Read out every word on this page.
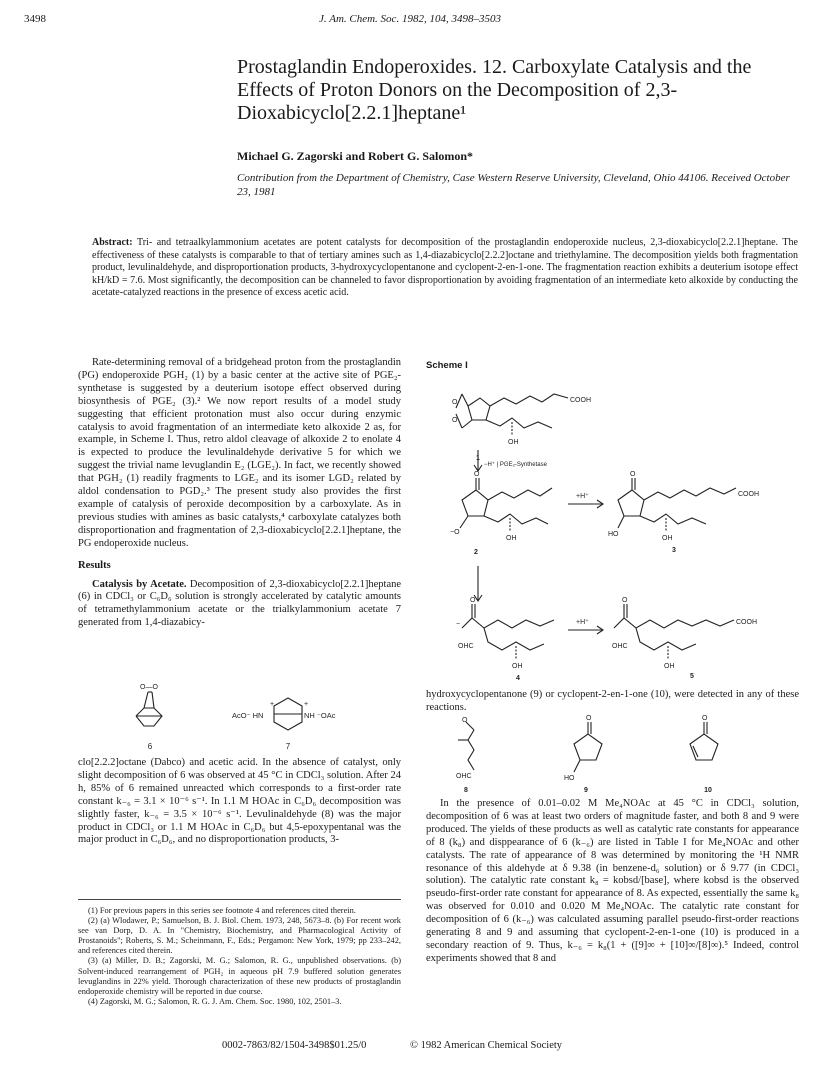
3498	J. Am. Chem. Soc. 1982, 104, 3498–3503
Prostaglandin Endoperoxides. 12. Carboxylate Catalysis and the Effects of Proton Donors on the Decomposition of 2,3-Dioxabicyclo[2.2.1]heptane¹
Michael G. Zagorski and Robert G. Salomon*
Contribution from the Department of Chemistry, Case Western Reserve University, Cleveland, Ohio 44106. Received October 23, 1981
Abstract: Tri- and tetraalkylammonium acetates are potent catalysts for decomposition of the prostaglandin endoperoxide nucleus, 2,3-dioxabicyclo[2.2.1]heptane. The effectiveness of these catalysts is comparable to that of tertiary amines such as 1,4-diazabicyclo[2.2.2]octane and triethylamine. The decomposition yields both fragmentation product, levulinaldehyde, and disproportionation products, 3-hydroxycyclopentanone and cyclopent-2-en-1-one. The fragmentation reaction exhibits a deuterium isotope effect kH/kD = 7.6. Most significantly, the decomposition can be channeled to favor disproportionation by avoiding fragmentation of an intermediate keto alkoxide by conducting the acetate-catalyzed reactions in the presence of excess acetic acid.

Rate-determining removal of a bridgehead proton from the prostaglandin (PG) endoperoxide PGH₂ (1) by a basic center at the active site of PGE₂-synthetase is suggested by a deuterium isotope effect observed during biosynthesis of PGE₂ (3).² We now report results of a model study suggesting that efficient protonation must also occur during enzymic catalysis to avoid fragmentation of an intermediate keto alkoxide 2 as, for example, in Scheme I. Thus, retro aldol cleavage of alkoxide 2 to enolate 4 is expected to produce the levulinaldehyde derivative 5 for which we suggest the trivial name levuglandin E₂ (LGE₂). In fact, we recently showed that PGH₂ (1) readily fragments to LGE₂ and its isomer LGD₂ related by aldol condensation to PGD₂.³ The present study also provides the first example of catalysis of peroxide decomposition by a carboxylate. As in previous studies with amines as basic catalysts,⁴ carboxylate catalyzes both disproportionation and fragmentation of 2,3-dioxabicyclo[2.2.1]heptane, the PG endoperoxide nucleus.

Results

Catalysis by Acetate. Decomposition of 2,3-dioxabicyclo[2.2.1]heptane (6) in CDCl₃ or C₆D₆ solution is strongly accelerated by catalytic amounts of tetramethylammonium acetate or the trialkylammonium acetate 7 generated from 1,4-diazabicy-

O—O
6
AcO⁻ HN	NH ⁻OAc
+	+
7

clo[2.2.2]octane (Dabco) and acetic acid. In the absence of catalyst, only slight decomposition of 6 was observed at 45 °C in CDCl₃ solution. After 24 h, 85% of 6 remained unreacted which corresponds to a first-order rate constant k₋₆ = 3.1 × 10⁻⁶ s⁻¹. In 1.1 M HOAc in C₆D₆ decomposition was slightly faster, k₋₆ = 3.5 × 10⁻⁶ s⁻¹. Levulinaldehyde (8) was the major product in CDCl₃ or 1.1 M HOAc in C₆D₆ but 4,5-epoxypentanal was the major product in C₆D₆, and no disproportionation products, 3-

(1) For previous papers in this series see footnote 4 and references cited therein.

(2) (a) Wlodawer, P.; Samuelson, B. J. Biol. Chem. 1973, 248, 5673–8. (b) For recent work see van Dorp, D. A. In "Chemistry, Biochemistry, and Pharmacological Activity of Prostanoids"; Roberts, S. M.; Scheinmann, F., Eds.; Pergamon: New York, 1979; pp 233–242, and references cited therein.

(3) (a) Miller, D. B.; Zagorski, M. G.; Salomon, R. G., unpublished observations. (b) Solvent-induced rearrangement of PGH₂ in aqueous pH 7.9 buffered solution generates levuglandins in 22% yield. Thorough characterization of these new products of prostaglandin endoperoxide chemistry will be reported in due course.

(4) Zagorski, M. G.; Salomon, R. G. J. Am. Chem. Soc. 1980, 102, 2501–3.

Scheme I
O
O
COOH
OH
1
−H⁺ | PGE₂-Synthetase
O
−O
OH
2
+H⁺
O
COOH
HO
OH
3
−
O
OHC
OH
4
+H⁺
O
COOH
OHC
OH
5

hydroxycyclopentanone (9) or cyclopent-2-en-1-one (10), were detected in any of these reactions.

O
OHC
O
HO
O
8	9	10

In the presence of 0.01–0.02 M Me₄NOAc at 45 °C in CDCl₃ solution, decomposition of 6 was at least two orders of magnitude faster, and both 8 and 9 were produced. The yields of these products as well as catalytic rate constants for appearance of 8 (k₈) and disppearance of 6 (k₋₆) are listed in Table I for Me₄NOAc and other catalysts. The rate of appearance of 8 was determined by monitoring the ¹H NMR resonance of this aldehyde at δ 9.38 (in benzene-d₆ solution) or δ 9.77 (in CDCl₃ solution). The catalytic rate constant k₈ = kobsd/[base], where kobsd is the observed pseudo-first-order rate constant for appearance of 8. As expected, essentially the same k₈ was observed for 0.010 and 0.020 M Me₄NOAc. The catalytic rate constant for decomposition of 6 (k₋₆) was calculated assuming parallel pseudo-first-order reactions generating 8 and 9 and assuming that cyclopent-2-en-1-one (10) is produced in a secondary reaction of 9. Thus, k₋₆ = k₈(1 + ([9]∞ + [10]∞/[8]∞).⁵ Indeed, control experiments showed that 8 and

0002-7863/82/1504-3498$01.25/0	© 1982 American Chemical Society
